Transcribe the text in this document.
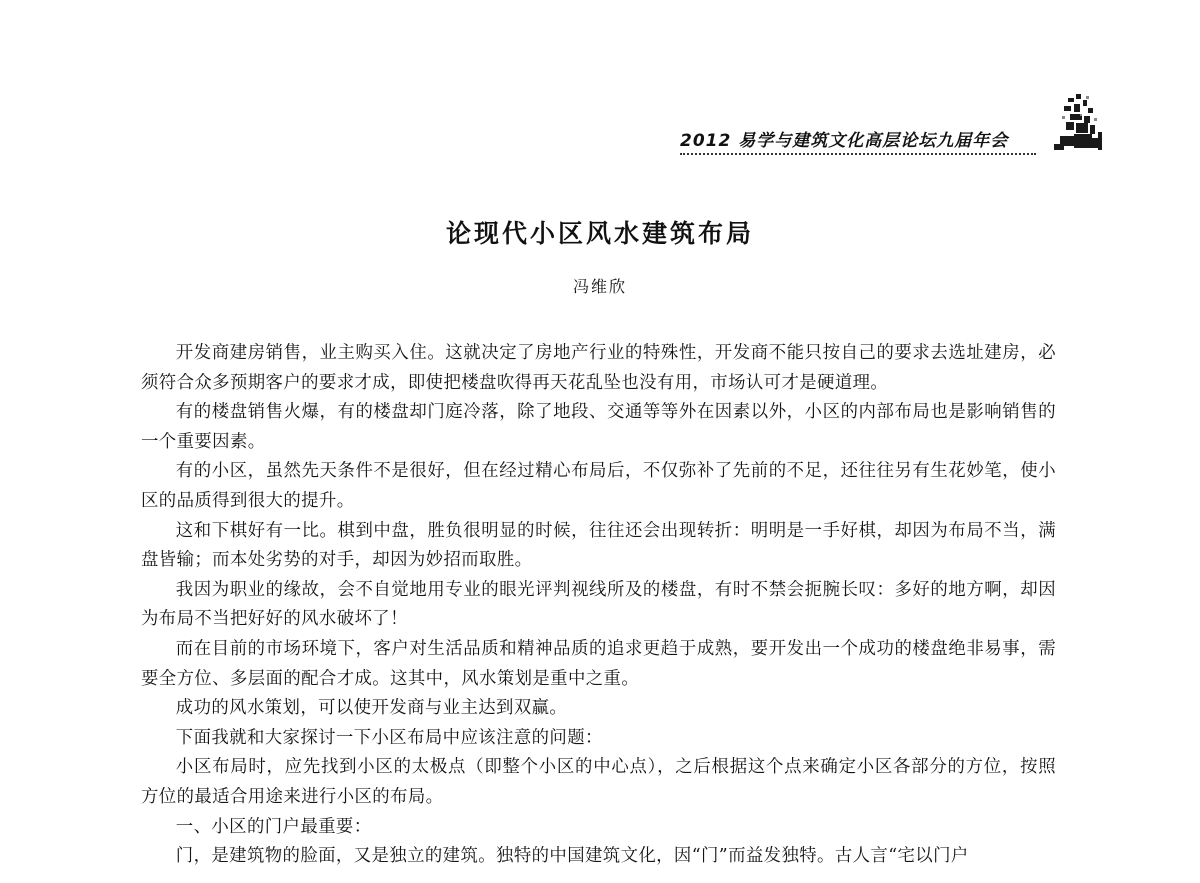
2012 易学与建筑文化高层论坛九届年会
论现代小区风水建筑布局
冯维欣

开发商建房销售，业主购买入住。这就决定了房地产行业的特殊性，开发商不能只按自己的要求去选址建房，必须符合众多预期客户的要求才成，即使把楼盘吹得再天花乱坠也没有用，市场认可才是硬道理。

有的楼盘销售火爆，有的楼盘却门庭冷落，除了地段、交通等等外在因素以外，小区的内部布局也是影响销售的一个重要因素。

有的小区，虽然先天条件不是很好，但在经过精心布局后，不仅弥补了先前的不足，还往往另有生花妙笔，使小区的品质得到很大的提升。

这和下棋好有一比。棋到中盘，胜负很明显的时候，往往还会出现转折：明明是一手好棋，却因为布局不当，满盘皆输；而本处劣势的对手，却因为妙招而取胜。

我因为职业的缘故，会不自觉地用专业的眼光评判视线所及的楼盘，有时不禁会扼腕长叹：多好的地方啊，却因为布局不当把好好的风水破坏了！

而在目前的市场环境下，客户对生活品质和精神品质的追求更趋于成熟，要开发出一个成功的楼盘绝非易事，需要全方位、多层面的配合才成。这其中，风水策划是重中之重。

成功的风水策划，可以使开发商与业主达到双赢。

下面我就和大家探讨一下小区布局中应该注意的问题：

小区布局时，应先找到小区的太极点（即整个小区的中心点），之后根据这个点来确定小区各部分的方位，按照方位的最适合用途来进行小区的布局。

一、小区的门户最重要：

门，是建筑物的脸面，又是独立的建筑。独特的中国建筑文化，因“门”而益发独特。古人言“宅以门户
